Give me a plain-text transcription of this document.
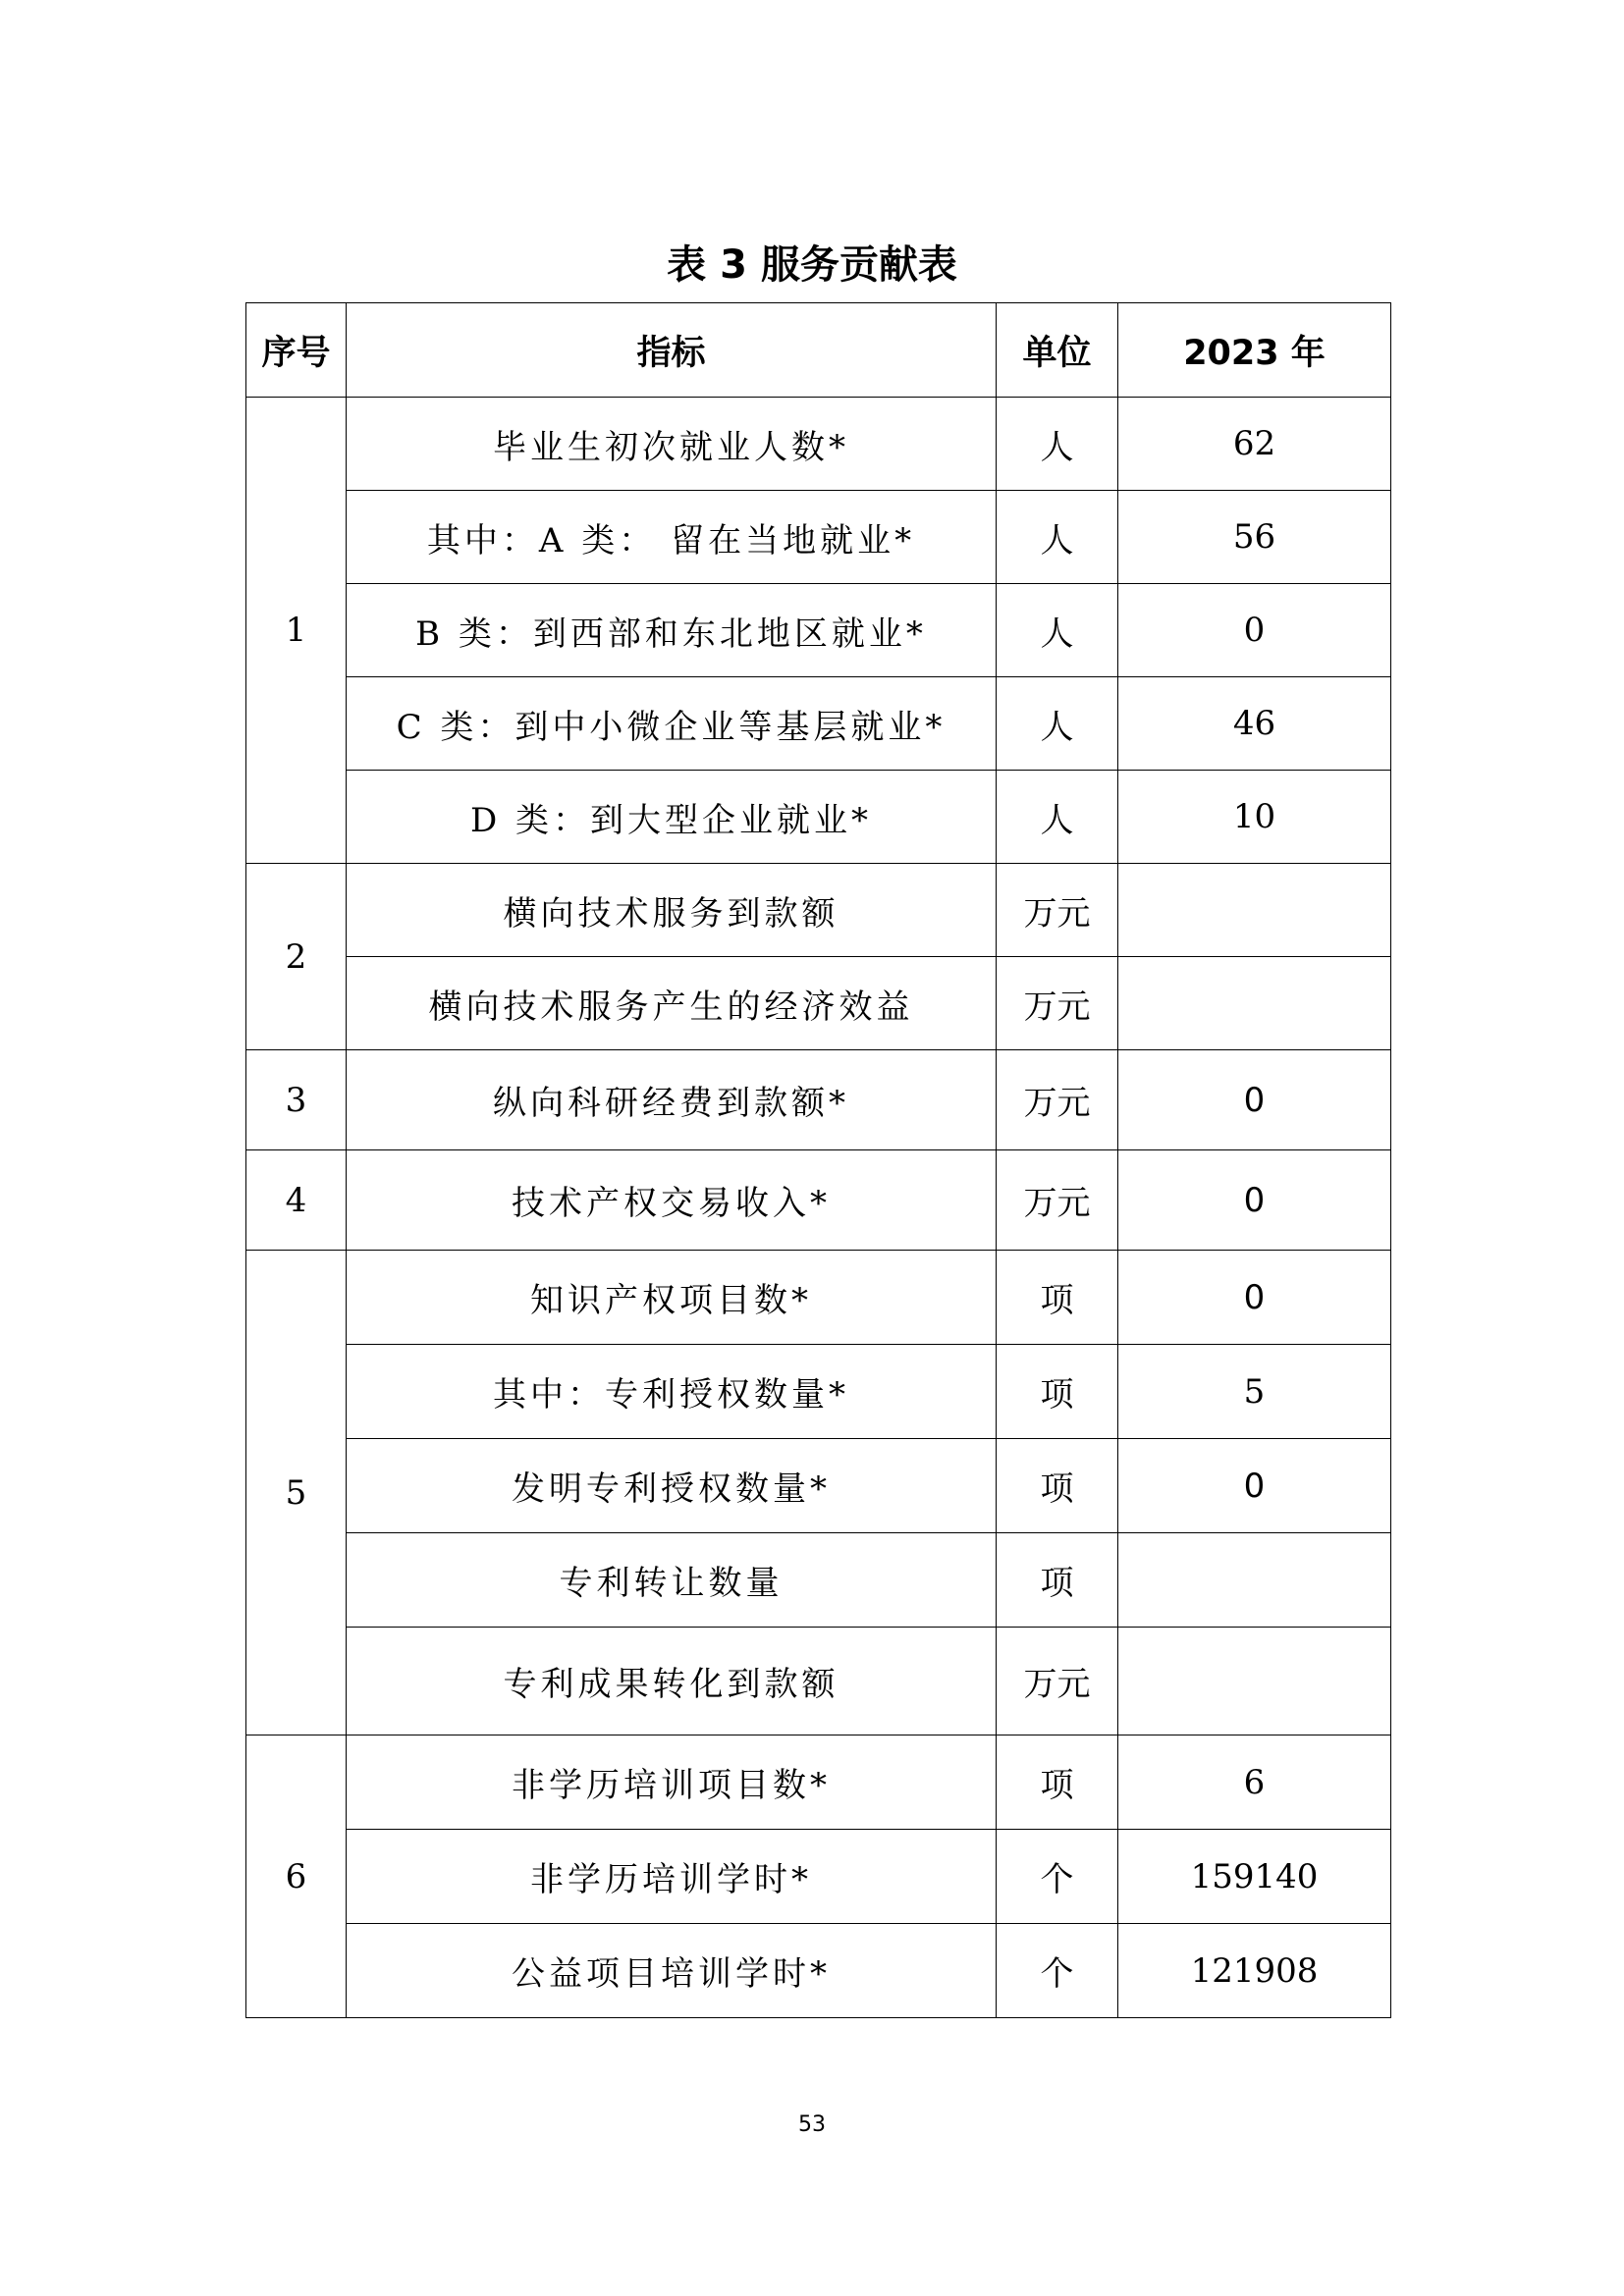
表 3 服务贡献表
序号	指标	单位	2023 年
1	毕业生初次就业人数*	人	62
	其中：A 类： 留在当地就业*	人	56
	B 类：到西部和东北地区就业*	人	0
	C 类：到中小微企业等基层就业*	人	46
	D 类：到大型企业就业*	人	10
2	横向技术服务到款额	万元	
	横向技术服务产生的经济效益	万元	
3	纵向科研经费到款额*	万元	0
4	技术产权交易收入*	万元	0
5	知识产权项目数*	项	0
	其中：专利授权数量*	项	5
	发明专利授权数量*	项	0
	专利转让数量	项	
	专利成果转化到款额	万元	
6	非学历培训项目数*	项	6
	非学历培训学时*	个	159140
	公益项目培训学时*	个	121908
53
